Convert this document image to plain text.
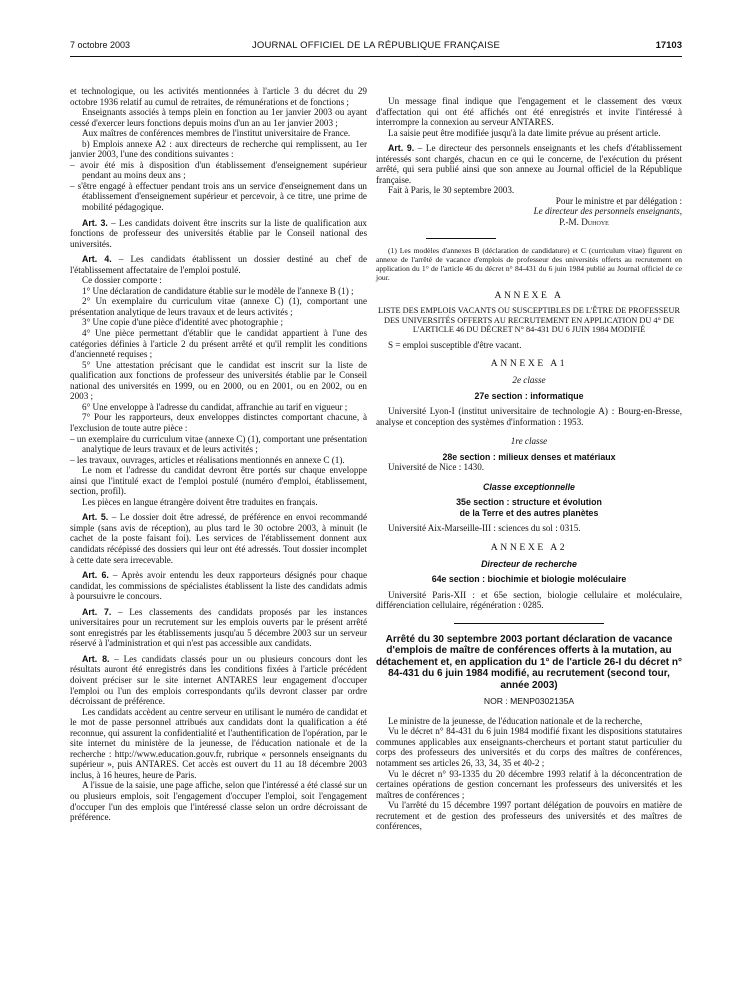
7 octobre 2003	JOURNAL OFFICIEL DE LA RÉPUBLIQUE FRANÇAISE	17103

et technologique, ou les activités mentionnées à l'article 3 du décret du 29 octobre 1936 relatif au cumul de retraites, de rémunérations et de fonctions ;

Enseignants associés à temps plein en fonction au 1er janvier 2003 ou ayant cessé d'exercer leurs fonctions depuis moins d'un an au 1er janvier 2003 ;

Aux maîtres de conférences membres de l'institut universitaire de France.

b) Emplois annexe A2 : aux directeurs de recherche qui remplissent, au 1er janvier 2003, l'une des conditions suivantes :

– avoir été mis à disposition d'un établissement d'enseignement supérieur pendant au moins deux ans ;

– s'être engagé à effectuer pendant trois ans un service d'enseignement dans un établissement d'enseignement supérieur et percevoir, à ce titre, une prime de mobilité pédagogique.

Art. 3. – Les candidats doivent être inscrits sur la liste de qualification aux fonctions de professeur des universités établie par le Conseil national des universités.

Art. 4. – Les candidats établissent un dossier destiné au chef de l'établissement affectataire de l'emploi postulé.

Ce dossier comporte :

1° Une déclaration de candidature établie sur le modèle de l'annexe B (1) ;

2° Un exemplaire du curriculum vitae (annexe C) (1), comportant une présentation analytique de leurs travaux et de leurs activités ;

3° Une copie d'une pièce d'identité avec photographie ;

4° Une pièce permettant d'établir que le candidat appartient à l'une des catégories définies à l'article 2 du présent arrêté et qu'il remplit les conditions d'ancienneté requises ;

5° Une attestation précisant que le candidat est inscrit sur la liste de qualification aux fonctions de professeur des universités établie par le Conseil national des universités en 1999, ou en 2000, ou en 2001, ou en 2002, ou en 2003 ;

6° Une enveloppe à l'adresse du candidat, affranchie au tarif en vigueur ;

7° Pour les rapporteurs, deux enveloppes distinctes comportant chacune, à l'exclusion de toute autre pièce :

– un exemplaire du curriculum vitae (annexe C) (1), comportant une présentation analytique de leurs travaux et de leurs activités ;

– les travaux, ouvrages, articles et réalisations mentionnés en annexe C (1).

Le nom et l'adresse du candidat devront être portés sur chaque enveloppe ainsi que l'intitulé exact de l'emploi postulé (numéro d'emploi, établissement, section, profil).

Les pièces en langue étrangère doivent être traduites en français.

Art. 5. – Le dossier doit être adressé, de préférence en envoi recommandé simple (sans avis de réception), au plus tard le 30 octobre 2003, à minuit (le cachet de la poste faisant foi). Les services de l'établissement donnent aux candidats récépissé des dossiers qui leur ont été adressés. Tout dossier incomplet à cette date sera irrecevable.

Art. 6. – Après avoir entendu les deux rapporteurs désignés pour chaque candidat, les commissions de spécialistes établissent la liste des candidats admis à poursuivre le concours.

Art. 7. – Les classements des candidats proposés par les instances universitaires pour un recrutement sur les emplois ouverts par le présent arrêté sont enregistrés par les établissements jusqu'au 5 décembre 2003 sur un serveur réservé à l'administration et qui n'est pas accessible aux candidats.

Art. 8. – Les candidats classés pour un ou plusieurs concours dont les résultats auront été enregistrés dans les conditions fixées à l'article précédent doivent préciser sur le site internet ANTARES leur engagement d'occuper l'emploi ou l'un des emplois correspondants qu'ils devront classer par ordre décroissant de préférence.

Les candidats accèdent au centre serveur en utilisant le numéro de candidat et le mot de passe personnel attribués aux candidats dont la qualification a été reconnue, qui assurent la confidentialité et l'authentification de l'opération, par le site internet du ministère de la jeunesse, de l'éducation nationale et de la recherche : http://www.education.gouv.fr, rubrique « personnels enseignants du supérieur », puis ANTARES. Cet accès est ouvert du 11 au 18 décembre 2003 inclus, à 16 heures, heure de Paris.

A l'issue de la saisie, une page affiche, selon que l'intéressé a été classé sur un ou plusieurs emplois, soit l'engagement d'occuper l'emploi, soit l'engagement d'occuper l'un des emplois que l'intéressé classe selon un ordre décroissant de préférence.

Un message final indique que l'engagement et le classement des vœux d'affectation qui ont été affichés ont été enregistrés et invite l'intéressé à interrompre la connexion au serveur ANTARES.

La saisie peut être modifiée jusqu'à la date limite prévue au présent article.

Art. 9. – Le directeur des personnels enseignants et les chefs d'établissement intéressés sont chargés, chacun en ce qui le concerne, de l'exécution du présent arrêté, qui sera publié ainsi que son annexe au Journal officiel de la République française.

Fait à Paris, le 30 septembre 2003.

Pour le ministre et par délégation :

Le directeur des personnels enseignants,

P.-M. Duhoye

(1) Les modèles d'annexes B (déclaration de candidature) et C (curriculum vitae) figurent en annexe de l'arrêté de vacance d'emplois de professeur des universités offerts au recrutement en application du 1° de l'article 46 du décret n° 84-431 du 6 juin 1984 publié au Journal officiel de ce jour.

ANNEXE A

LISTE DES EMPLOIS VACANTS OU SUSCEPTIBLES DE L'ÊTRE DE PROFESSEUR DES UNIVERSITÉS OFFERTS AU RECRUTEMENT EN APPLICATION DU 4° DE L'ARTICLE 46 DU DÉCRET N° 84-431 DU 6 JUIN 1984 MODIFIÉ

S = emploi susceptible d'être vacant.

ANNEXE A1

2e classe

27e section : informatique

Université Lyon-I (institut universitaire de technologie A) : Bourg-en-Bresse, analyse et conception des systèmes d'information : 1953.

1re classe

28e section : milieux denses et matériaux

Université de Nice : 1430.

Classe exceptionnelle

35e section : structure et évolution

de la Terre et des autres planètes

Université Aix-Marseille-III : sciences du sol : 0315.

ANNEXE A2

Directeur de recherche

64e section : biochimie et biologie moléculaire

Université Paris-XII : et 65e section, biologie cellulaire et moléculaire, différenciation cellulaire, régénération : 0285.

Arrêté du 30 septembre 2003 portant déclaration de vacance d'emplois de maître de conférences offerts à la mutation, au détachement et, en application du 1° de l'article 26-I du décret n° 84-431 du 6 juin 1984 modifié, au recrutement (second tour, année 2003)

NOR : MENP0302135A

Le ministre de la jeunesse, de l'éducation nationale et de la recherche,

Vu le décret n° 84-431 du 6 juin 1984 modifié fixant les dispositions statutaires communes applicables aux enseignants-chercheurs et portant statut particulier du corps des professeurs des universités et du corps des maîtres de conférences, notamment ses articles 26, 33, 34, 35 et 40-2 ;

Vu le décret n° 93-1335 du 20 décembre 1993 relatif à la déconcentration de certaines opérations de gestion concernant les professeurs des universités et les maîtres de conférences ;

Vu l'arrêté du 15 décembre 1997 portant délégation de pouvoirs en matière de recrutement et de gestion des professeurs des universités et des maîtres de conférences,
